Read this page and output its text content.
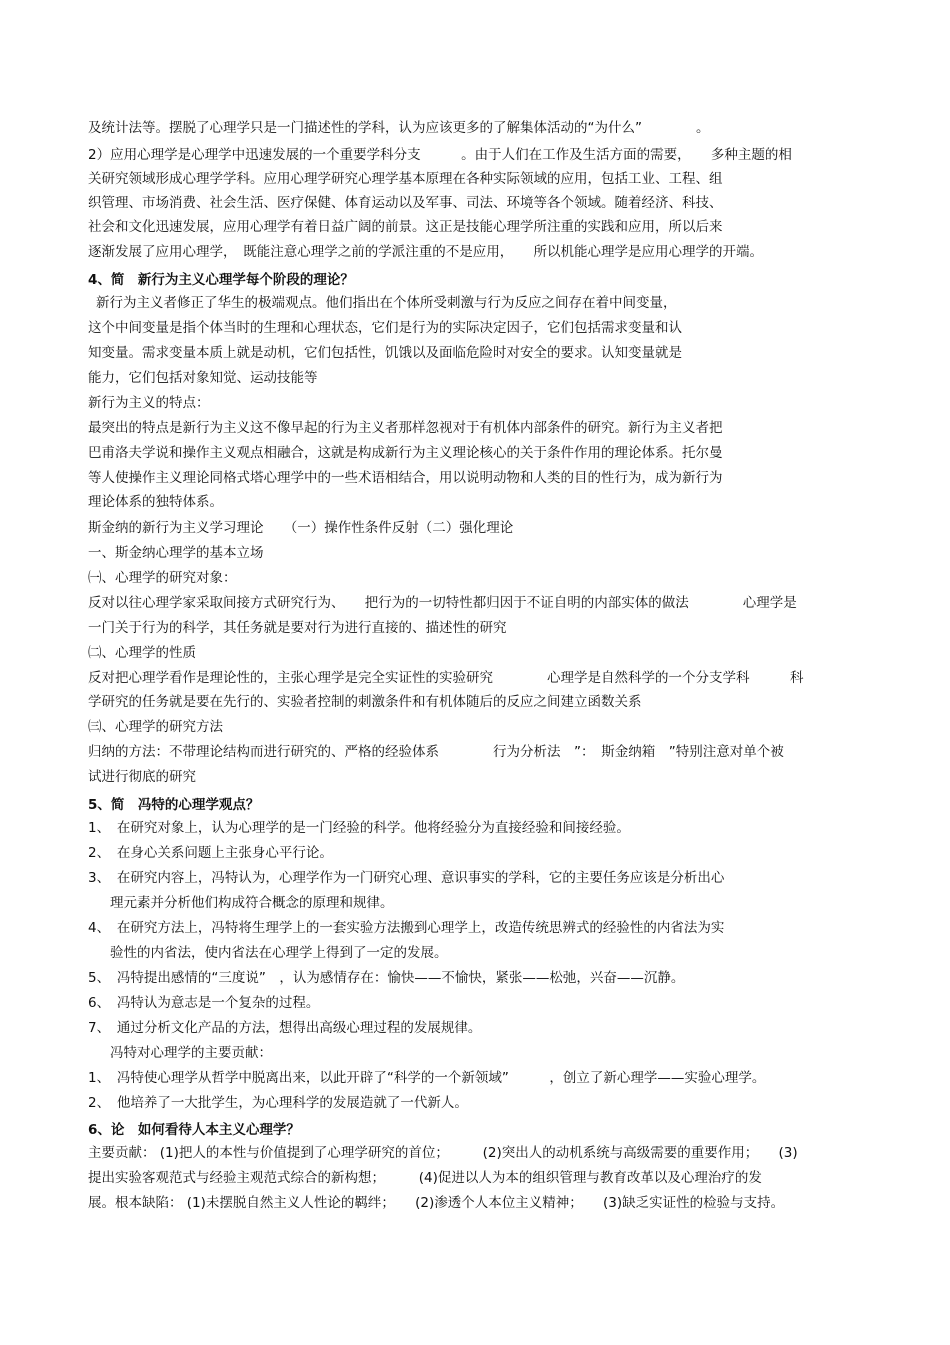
及统计法等。摆脱了心理学只是一门描述性的学科，认为应该更多的了解集体活动的“为什么”　　　　。
2）应用心理学是心理学中迅速发展的一个重要学科分支　　　。由于人们在工作及生活方面的需要，　　多种主题的相
关研究领域形成心理学学科。应用心理学研究心理学基本原理在各种实际领域的应用，包括工业、工程、组
织管理、市场消费、社会生活、医疗保健、体育运动以及军事、司法、环境等各个领域。随着经济、科技、
社会和文化迅速发展，应用心理学有着日益广阔的前景。这正是技能心理学所注重的实践和应用，所以后来
逐渐发展了应用心理学，　既能注意心理学之前的学派注重的不是应用，　　所以机能心理学是应用心理学的开端。
4、简　新行为主义心理学每个阶段的理论？
新行为主义者修正了华生的极端观点。他们指出在个体所受刺激与行为反应之间存在着中间变量，
这个中间变量是指个体当时的生理和心理状态，它们是行为的实际决定因子，它们包括需求变量和认
知变量。需求变量本质上就是动机，它们包括性，饥饿以及面临危险时对安全的要求。认知变量就是
能力，它们包括对象知觉、运动技能等
新行为主义的特点：
最突出的特点是新行为主义这不像早起的行为主义者那样忽视对于有机体内部条件的研究。新行为主义者把
巴甫洛夫学说和操作主义观点相融合，这就是构成新行为主义理论核心的关于条件作用的理论体系。托尔曼
等人使操作主义理论同格式塔心理学中的一些术语相结合，用以说明动物和人类的目的性行为，成为新行为
理论体系的独特体系。
斯金纳的新行为主义学习理论　　（一）操作性条件反射（二）强化理论
一、斯金纳心理学的基本立场
㈠、心理学的研究对象：
反对以往心理学家采取间接方式研究行为、　　把行为的一切特性都归因于不证自明的内部实体的做法　　　　心理学是
一门关于行为的科学，其任务就是要对行为进行直接的、描述性的研究
㈡、心理学的性质
反对把心理学看作是理论性的，主张心理学是完全实证性的实验研究　　　　心理学是自然科学的一个分支学科　　　科
学研究的任务就是要在先行的、实验者控制的刺激条件和有机体随后的反应之间建立函数关系
㈢、心理学的研究方法
归纳的方法：不带理论结构而进行研究的、严格的经验体系　　　　行为分析法　”：　斯金纳箱　”特别注意对单个被
试进行彻底的研究
5、简　冯特的心理学观点？
1、　在研究对象上，认为心理学的是一门经验的科学。他将经验分为直接经验和间接经验。
2、　在身心关系问题上主张身心平行论。
3、　在研究内容上，冯特认为，心理学作为一门研究心理、意识事实的学科，它的主要任务应该是分析出心
理元素并分析他们构成符合概念的原理和规律。
4、　在研究方法上，冯特将生理学上的一套实验方法搬到心理学上，改造传统思辨式的经验性的内省法为实
验性的内省法，使内省法在心理学上得到了一定的发展。
5、　冯特提出感情的“三度说”　，认为感情存在：愉快——不愉快，紧张——松弛，兴奋——沉静。
6、　冯特认为意志是一个复杂的过程。
7、　通过分析文化产品的方法，想得出高级心理过程的发展规律。
冯特对心理学的主要贡献：
1、　冯特使心理学从哲学中脱离出来，以此开辟了“科学的一个新领域”　　　，创立了新心理学——实验心理学。
2、　他培养了一大批学生，为心理科学的发展造就了一代新人。
6、论　如何看待人本主义心理学？
主要贡献： (1)把人的本性与价值提到了心理学研究的首位；　　　(2)突出人的动机系统与高级需要的重要作用；　　(3)
提出实验客观范式与经验主观范式综合的新构想；　　　(4)促进以人为本的组织管理与教育改革以及心理治疗的发
展。根本缺陷： (1)未摆脱自然主义人性论的羁绊；　　(2)渗透个人本位主义精神；　　(3)缺乏实证性的检验与支持。
